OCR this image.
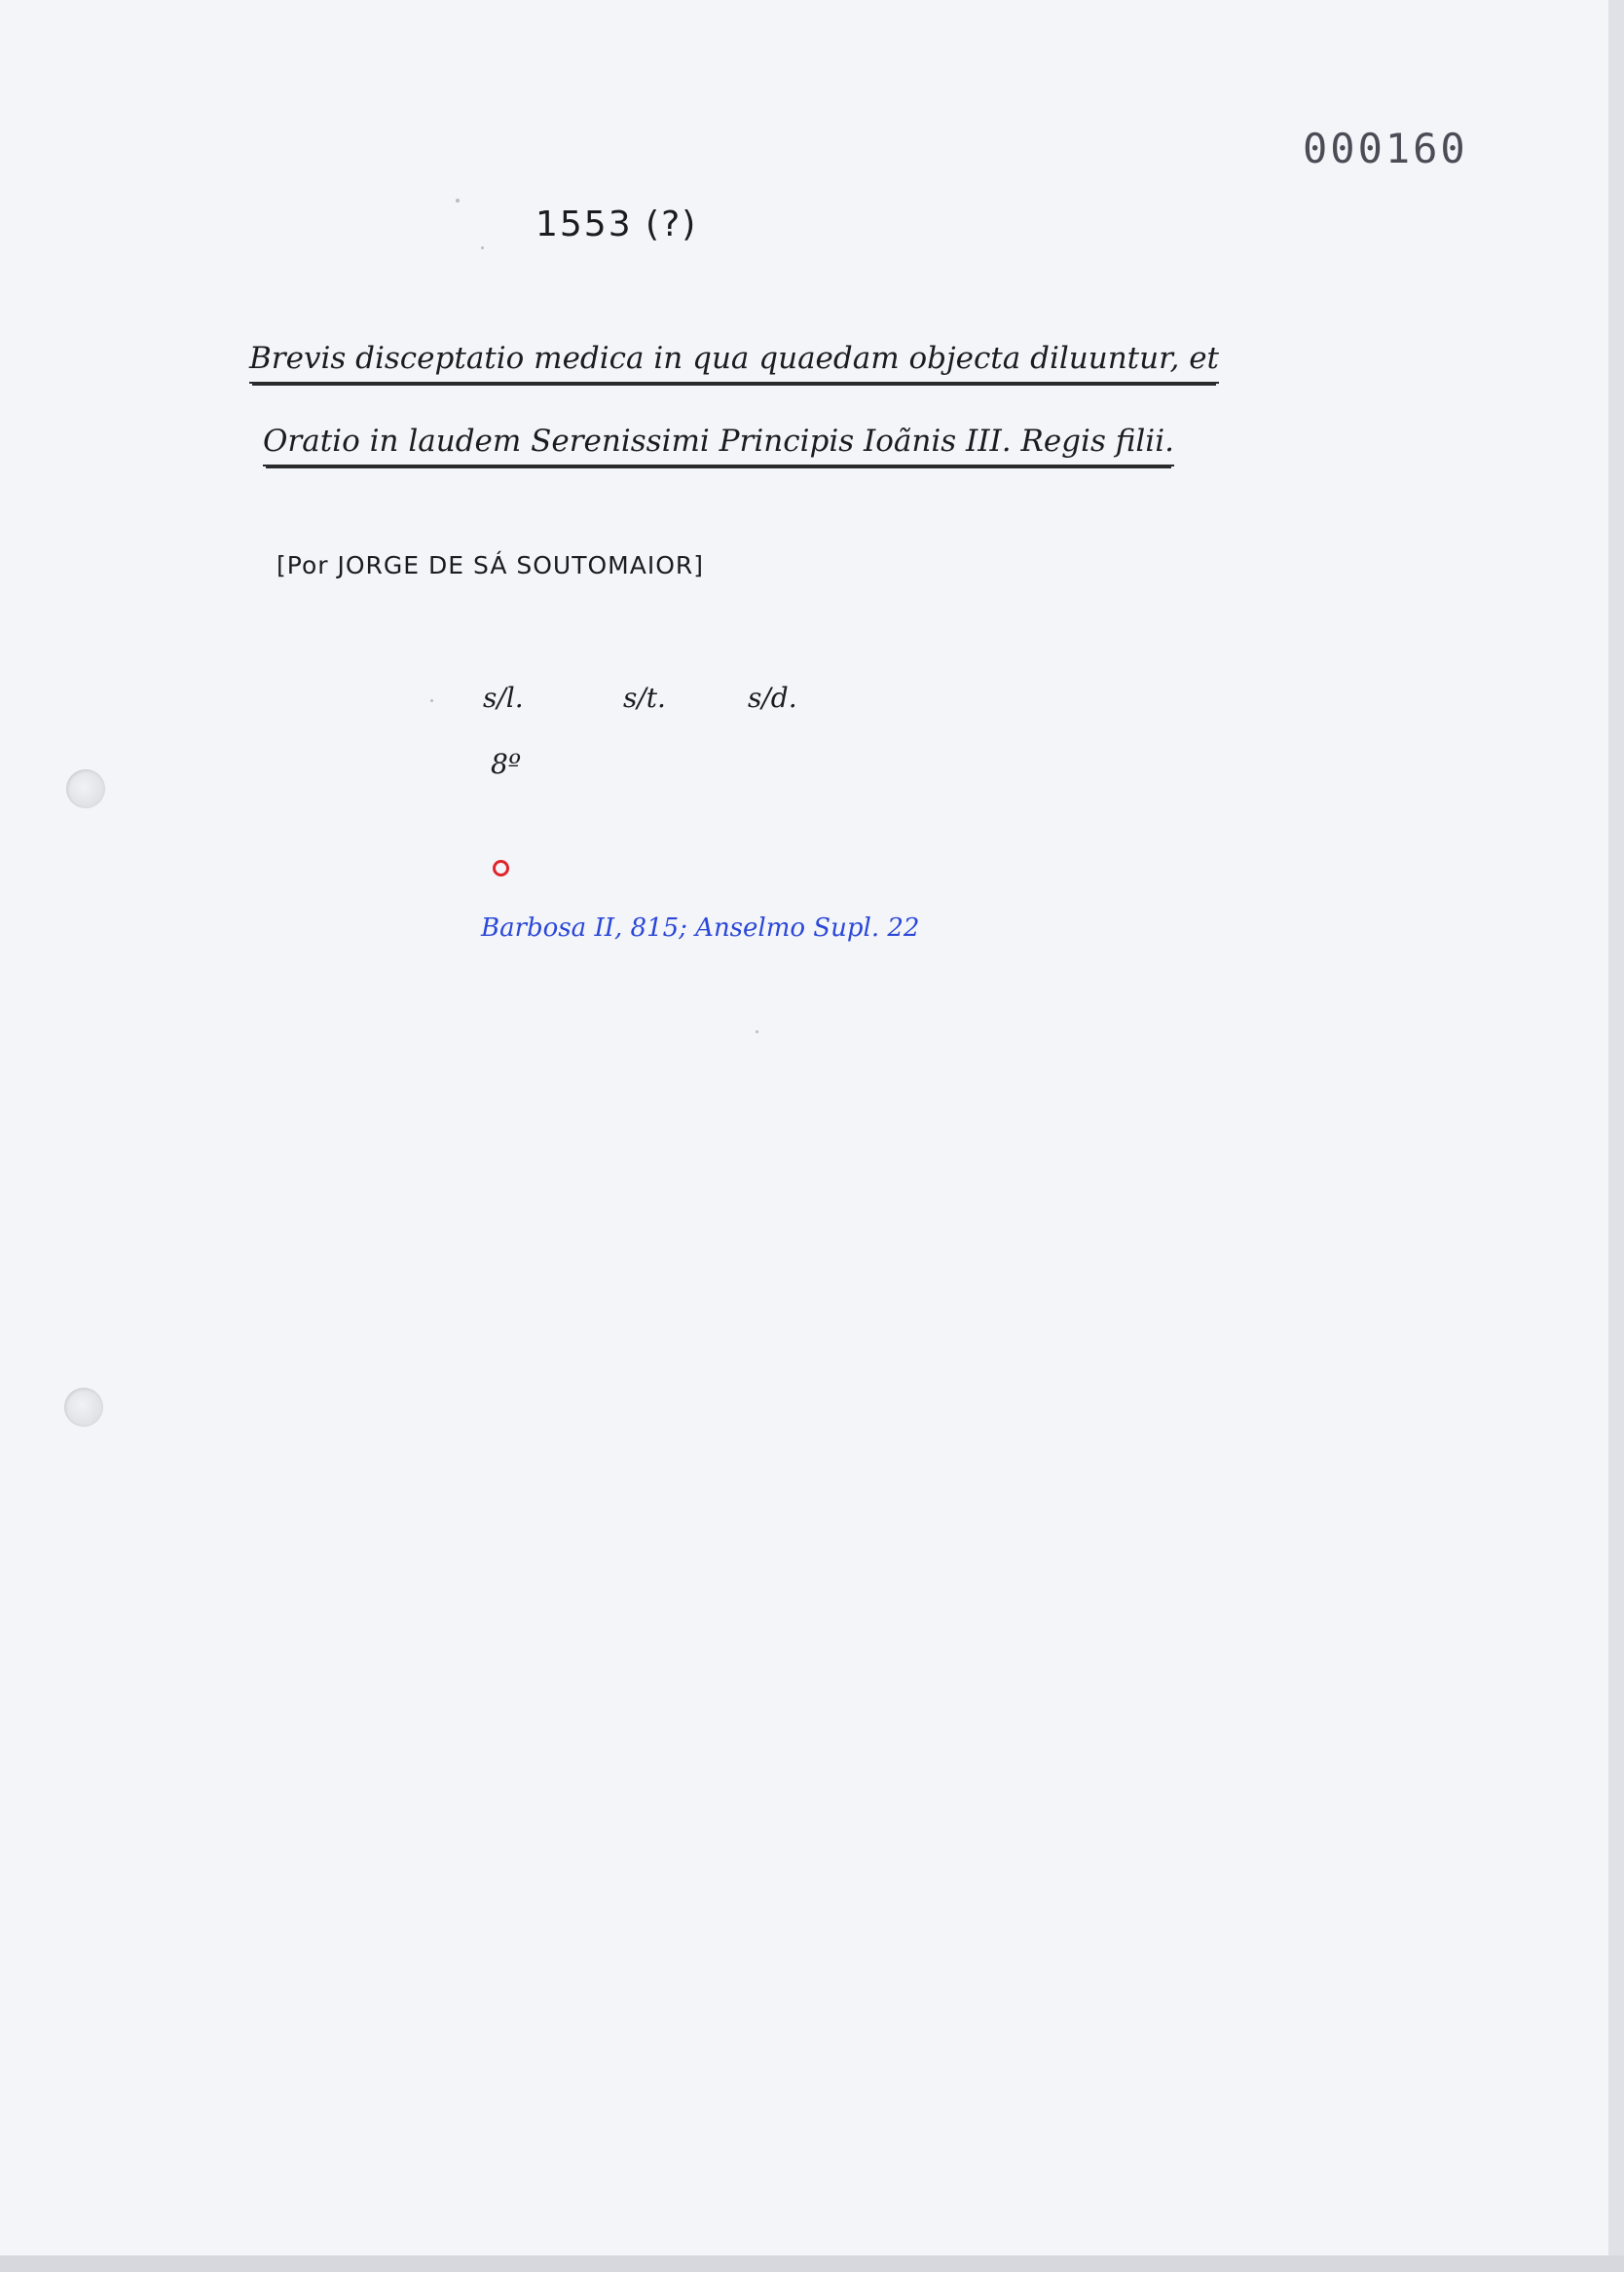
000160
1553 (?)
Brevis disceptatio medica in qua quaedam objecta diluuntur, et
Oratio in laudem Serenissimi Principis Ioãnis III. Regis filii.
[Por JORGE DE SÁ SOUTOMAIOR]
s/l.	s/t.	s/d.
8º
Barbosa II, 815; Anselmo Supl. 22
